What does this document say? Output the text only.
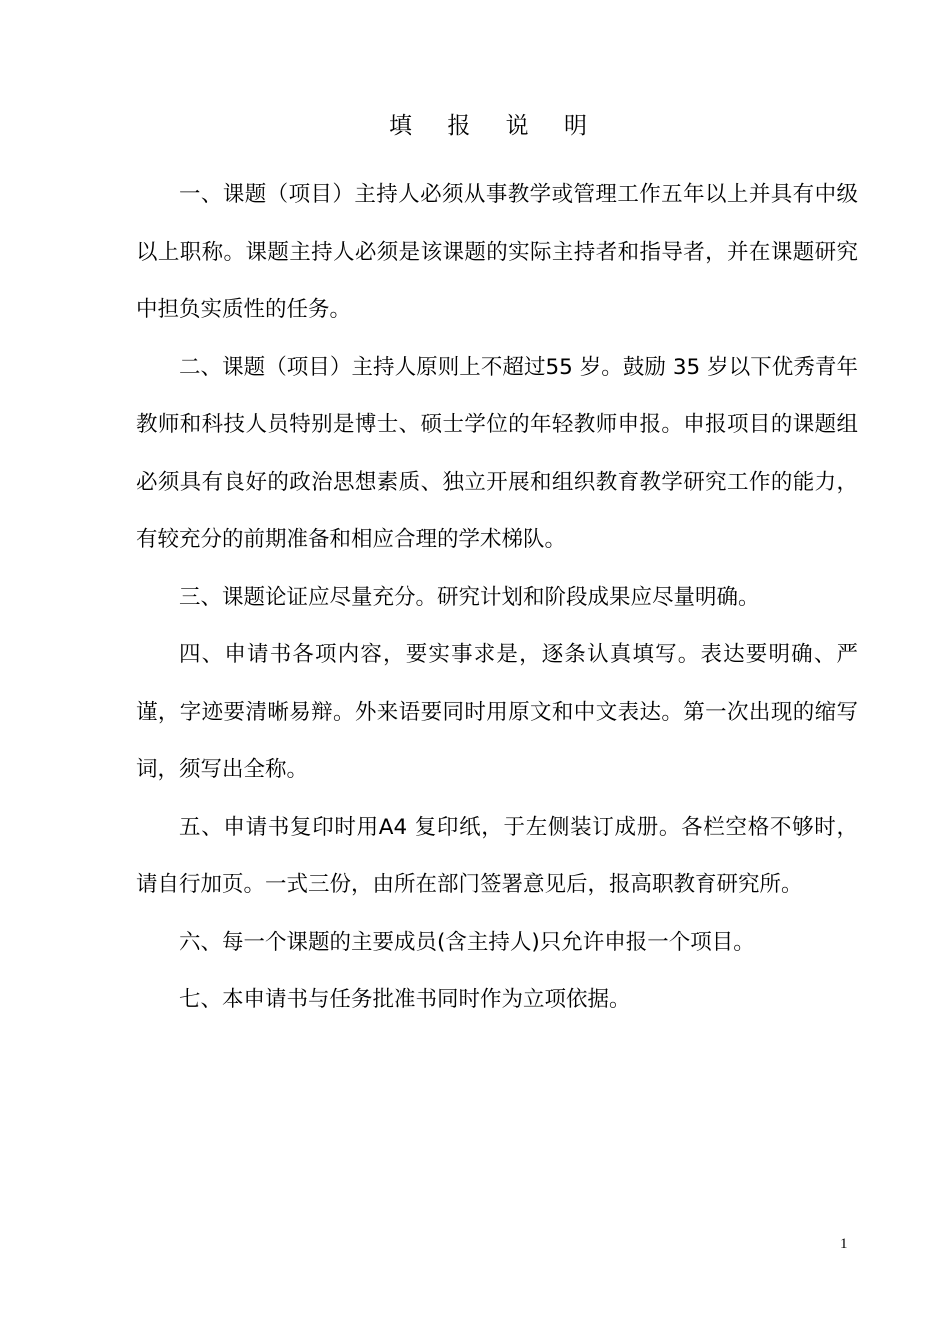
填 报 说 明

一、课题（项目）主持人必须从事教学或管理工作五年以上并具有中级以上职称。课题主持人必须是该课题的实际主持者和指导者，并在课题研究中担负实质性的任务。

二、课题（项目）主持人原则上不超过55 岁。鼓励 35 岁以下优秀青年教师和科技人员特别是博士、硕士学位的年轻教师申报。申报项目的课题组必须具有良好的政治思想素质、独立开展和组织教育教学研究工作的能力，有较充分的前期准备和相应合理的学术梯队。

三、课题论证应尽量充分。研究计划和阶段成果应尽量明确。

四、申请书各项内容，要实事求是，逐条认真填写。表达要明确、严谨，字迹要清晰易辩。外来语要同时用原文和中文表达。第一次出现的缩写词，须写出全称。

五、申请书复印时用A4 复印纸，于左侧装订成册。各栏空格不够时，请自行加页。一式三份，由所在部门签署意见后，报高职教育研究所。

六、每一个课题的主要成员(含主持人)只允许申报一个项目。

七、本申请书与任务批准书同时作为立项依据。

1
